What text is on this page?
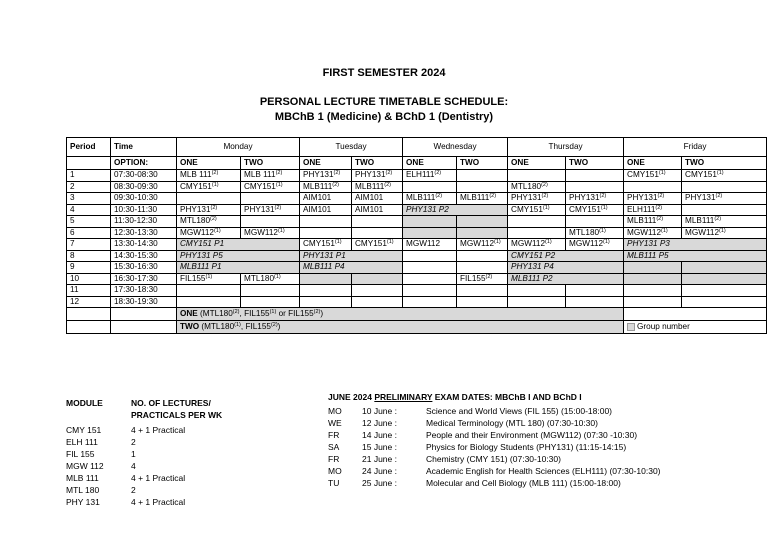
FIRST SEMESTER 2024
PERSONAL LECTURE TIMETABLE SCHEDULE:
MBChB 1 (Medicine) & BChD 1 (Dentistry)
Period	Time	Monday		Tuesday		Wednesday		Thursday		Friday	
	OPTION:	ONE	TWO	ONE	TWO	ONE	TWO	ONE	TWO	ONE	TWO
1	07:30-08:30	MLB 111$^{(2)}$	MLB 111$^{(2)}$	PHY131$^{(2)}$	PHY131$^{(2)}$	ELH111$^{(2)}$				CMY151$^{(1)}$	CMY151$^{(1)}$
2	08:30-09:30	CMY151$^{(1)}$	CMY151$^{(1)}$	MLB111$^{(2)}$	MLB111$^{(2)}$			MTL180$^{(2)}$			
3	09:30-10:30			AIM101	AIM101	MLB111$^{(2)}$	MLB111$^{(2)}$	PHY131$^{(2)}$	PHY131$^{(2)}$	PHY131$^{(2)}$	PHY131$^{(2)}$
4	10:30-11:30	PHY131$^{(2)}$	PHY131$^{(2)}$	AIM101	AIM101	PHY131 P2		CMY151$^{(1)}$	CMY151$^{(1)}$	ELH111$^{(2)}$	
5	11:30-12:30	MTL180$^{(2)}$								MLB111$^{(2)}$	MLB111$^{(2)}$
6	12:30-13:30	MGW112$^{(1)}$	MGW112$^{(1)}$						MTL180$^{(1)}$	MGW112$^{(1)}$	MGW112$^{(1)}$
7	13:30-14:30	CMY151 P1		CMY151$^{(1)}$	CMY151$^{(1)}$	MGW112	MGW112$^{(1)}$	MGW112$^{(1)}$	MGW112$^{(1)}$	PHY131 P3	
8	14:30-15:30	PHY131 P5		PHY131 P1				CMY151 P2		MLB111 P5	
9	15:30-16:30	MLB111 P1		MLB111 P4				PHY131 P4			
10	16:30-17:30	FIL155$^{(1)}$	MTL180$^{(1)}$				FIL155$^{(2)}$	MLB111 P2			
11	17:30-18:30										
12	18:30-19:30										
		ONE (MTL180$^{(2)}$, FIL155$^{(1)}$ or FIL155$^{(2)}$)									
		TWO (MTL180$^{(1)}$, FIL155$^{(2)}$)								Group number	
MODULE	NO. OF LECTURES/
PRACTICALS PER WK
CMY 151	4 + 1 Practical
ELH 111	2
FIL 155	1
MGW 112	4
MLB 111	4 + 1 Practical
MTL 180	2
PHY 131	4 + 1 Practical
JUNE 2024 PRELIMINARY EXAM DATES: MBChB I AND BChD I
MO 10 June :	Science and World Views (FIL 155) (15:00-18:00)
WE 12 June :	Medical Terminology (MTL 180) (07:30-10:30)
FR	14 June :	People and their Environment (MGW112) (07:30 -10:30)
SA	15 June :	Physics for Biology Students (PHY131) (11:15-14:15)
FR	21 June :	Chemistry (CMY 151) (07:30-10:30)
MO 24 June :	Academic English for Health Sciences (ELH111) (07:30-10:30)
TU	25 June :	Molecular and Cell Biology (MLB 111) (15:00-18:00)
